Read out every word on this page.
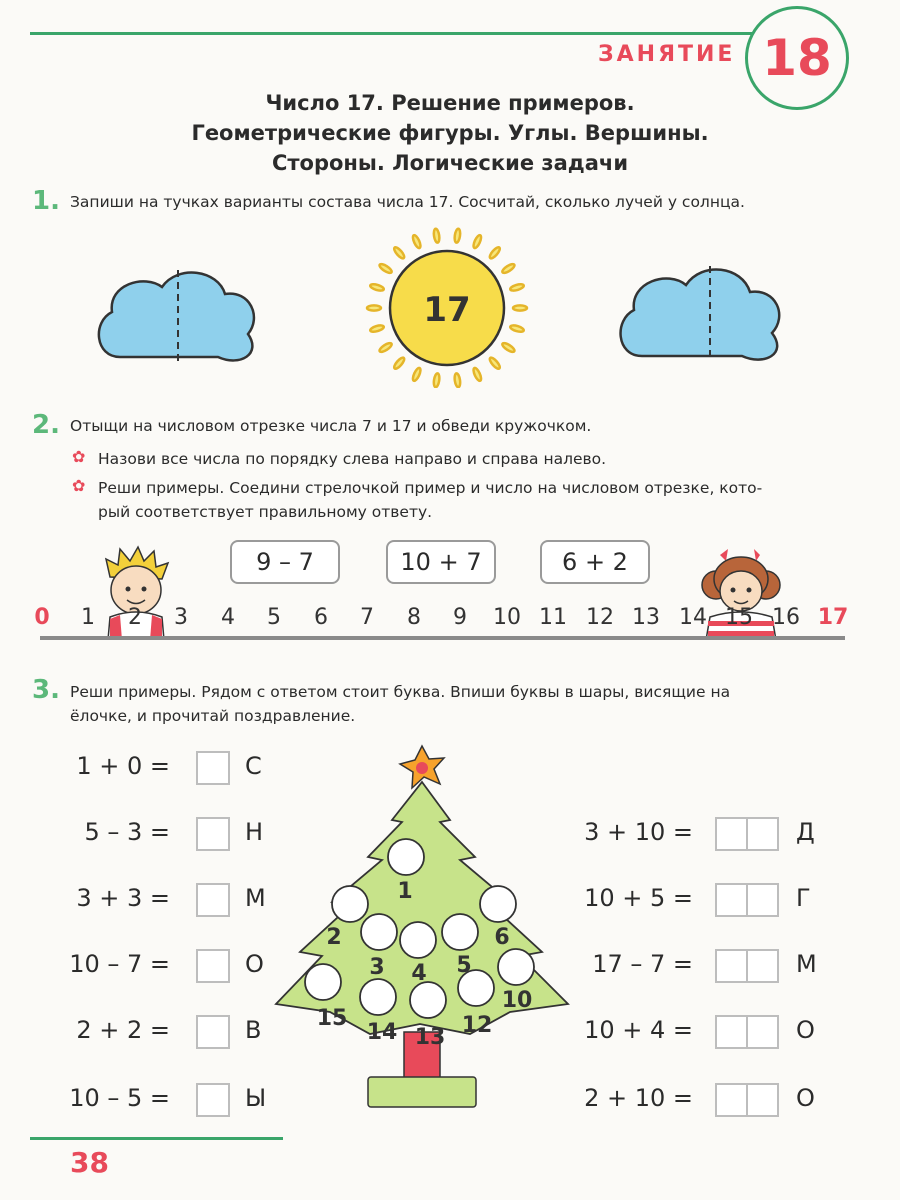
ЗАНЯТИЕ 18
Число 17. Решение примеров.
Геометрические фигуры. Углы. Вершины.
Стороны. Логические задачи
1. Запиши на тучках варианты состава числа 17. Сосчитай, сколько лучей у солнца.
17
2. Отыщи на числовом отрезке числа 7 и 17 и обведи кружочком.
✿ Назови все числа по порядку слева направо и справа налево.
✿ Реши примеры. Соедини стрелочкой пример и число на числовом отрезке, кото-
рый соответствует правильному ответу.
9 – 7	10 + 7	6 + 2
0	1	2	3	4	5	6	7	8	9	10 11 12 13 14 15 16 17
3. Реши примеры. Рядом с ответом стоит буква. Впиши буквы в шары, висящие на
ёлочке, и прочитай поздравление.
1 + 0 =	С
5 – 3 =	Н
3 + 3 =	М
10 – 7 =	О
2 + 2 =	В
10 – 5 =	Ы
3 + 10 =	Д
10 + 5 =	Г
17 – 7 =	М
10 + 4 =	О
2 + 10 =	О
1
2	6
3 4 5
10
15
14 13 12
38
